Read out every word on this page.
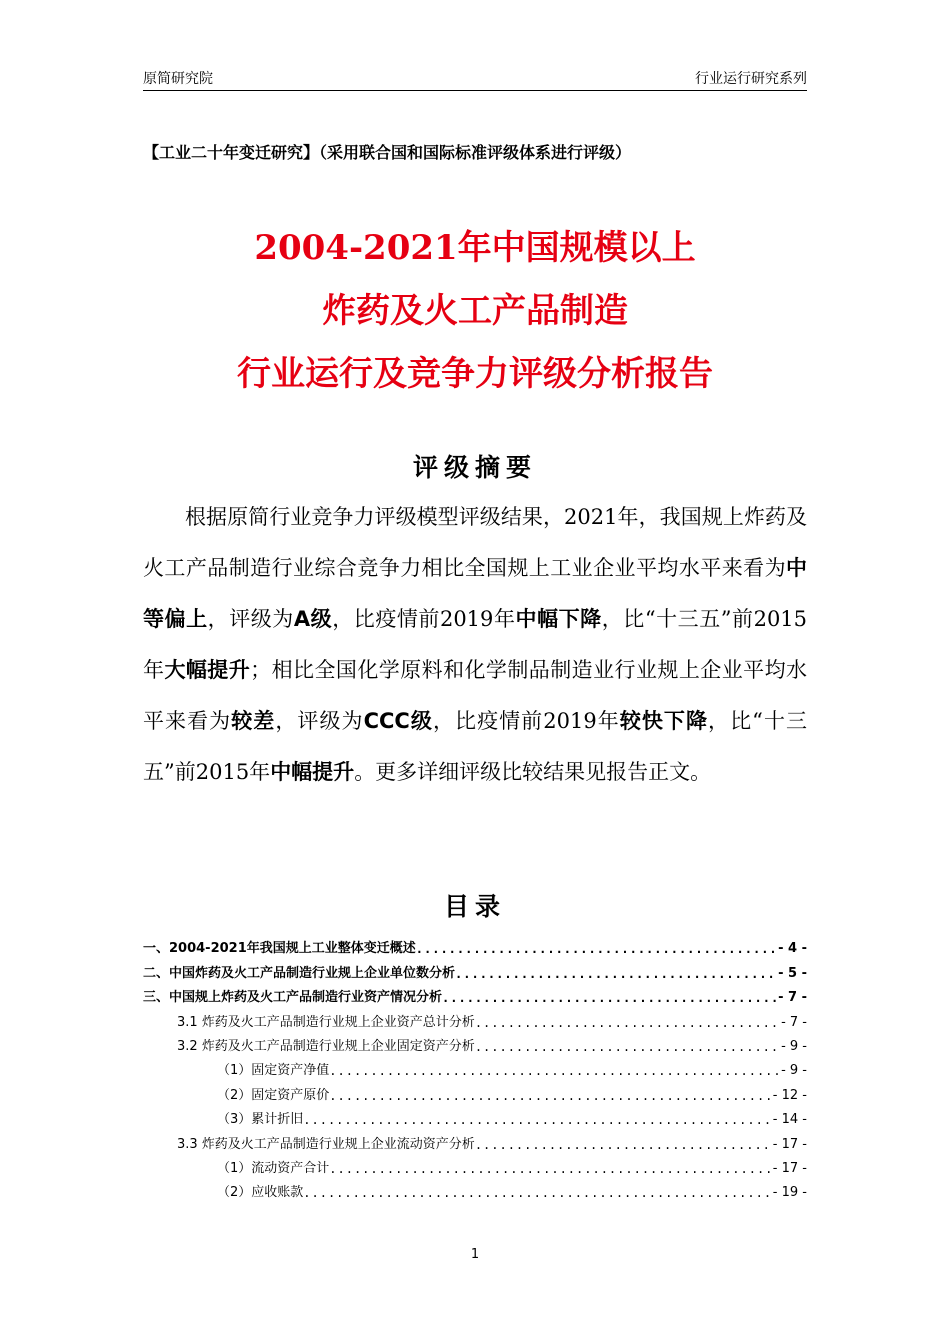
原简研究院	行业运行研究系列
【工业二十年变迁研究】（采用联合国和国际标准评级体系进行评级）
2004-2021年中国规模以上
炸药及火工产品制造
行业运行及竞争力评级分析报告
评级摘要

根据原简行业竞争力评级模型评级结果，2021年，我国规上炸药及火工产品制造行业综合竞争力相比全国规上工业企业平均水平来看为中等偏上，评级为A级，比疫情前2019年中幅下降，比“十三五”前2015年大幅提升；相比全国化学原料和化学制品制造业行业规上企业平均水平来看为较差，评级为CCC级，比疫情前2019年较快下降，比“十三五”前2015年中幅提升。更多详细评级比较结果见报告正文。

目录
一、2004-2021年我国规上工业整体变迁概述 .....	- 4 -
二、中国炸药及火工产品制造行业规上企业单位数分析 .....	- 5 -
三、中国规上炸药及火工产品制造行业资产情况分析 .....	- 7 -
3.1 炸药及火工产品制造行业规上企业资产总计分析 .....	- 7 -
3.2 炸药及火工产品制造行业规上企业固定资产分析 .....	- 9 -
（1）固定资产净值 .....	- 9 -
（2）固定资产原价 .....	- 12 -
（3）累计折旧 .....	- 14 -
3.3 炸药及火工产品制造行业规上企业流动资产分析 .....	- 17 -
（1）流动资产合计 .....	- 17 -
（2）应收账款 .....	- 19 -
1
